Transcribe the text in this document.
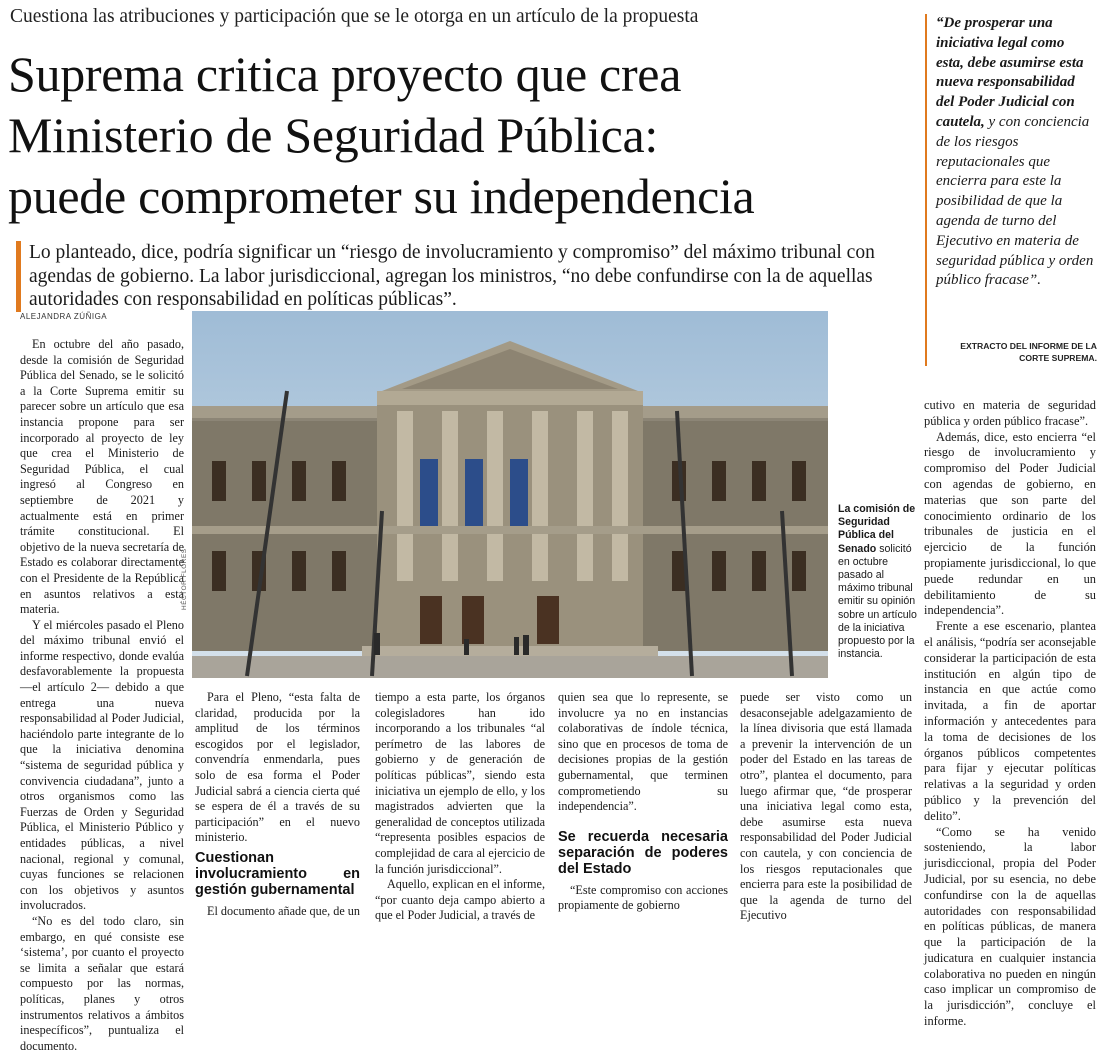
Cuestiona las atribuciones y participación que se le otorga en un artículo de la propuesta
Suprema critica proyecto que crea
Ministerio de Seguridad Pública:
puede comprometer su independencia
Lo planteado, dice, podría significar un “riesgo de involucramiento y compromiso” del máximo tribunal con agendas de gobierno. La labor jurisdiccional, agregan los ministros, “no debe confundirse con la de aquellas autoridades con responsabilidad en políticas públicas”.
ALEJANDRA ZÚÑIGA

“De prosperar una iniciativa legal como esta, debe asumirse esta nueva responsabilidad del Poder Judicial con cautela, y con conciencia de los riesgos reputacionales que encierra para este la posibilidad de que la agenda de turno del Ejecutivo en materia de seguridad pública y orden público fracase”.

EXTRACTO DEL INFORME DE LA CORTE SUPREMA.

En octubre del año pasado, desde la comisión de Seguridad Pública del Senado, se le solicitó a la Corte Suprema emitir su parecer sobre un artículo que esa instancia propone para ser incorporado al proyecto de ley que crea el Ministerio de Seguridad Pública, el cual ingresó al Congreso en septiembre de 2021 y actualmente está en primer trámite constitucional. El objetivo de la nueva secretaría de Estado es colaborar directamente con el Presidente de la República en asuntos relativos a esta materia.

Y el miércoles pasado el Pleno del máximo tribunal envió el informe respectivo, donde evalúa desfavorablemente la propuesta —el artículo 2— debido a que entrega una nueva responsabilidad al Poder Judicial, haciéndolo parte integrante de lo que la iniciativa denomina “sistema de seguridad pública y convivencia ciudadana”, junto a otros organismos como las Fuerzas de Orden y Seguridad Pública, el Ministerio Público y entidades públicas, a nivel nacional, regional y comunal, cuyas funciones se relacionen con los objetivos y asuntos involucrados.

“No es del todo claro, sin embargo, en qué consiste ese ‘sistema’, por cuanto el proyecto se limita a señalar que estará compuesto por las normas, políticas, planes y otros instrumentos relativos a ámbitos inespecíficos”, puntualiza el documento.

HÉCTOR FLORES
La comisión de Seguridad Pública del Senado solicitó en octubre pasado al máximo tribunal emitir su opinión sobre un artículo de la iniciativa propuesto por la instancia.

cutivo en materia de seguridad pública y orden público fracase”.

Además, dice, esto encierra “el riesgo de involucramiento y compromiso del Poder Judicial con agendas de gobierno, en materias que son parte del conocimiento ordinario de los tribunales de justicia en el ejercicio de la función propiamente jurisdiccional, lo que puede redundar en un debilitamiento de su independencia”.

Frente a ese escenario, plantea el análisis, “podría ser aconsejable considerar la participación de esta institución en algún tipo de instancia en que actúe como invitada, a fin de aportar información y antecedentes para la toma de decisiones de los órganos públicos competentes para fijar y ejecutar políticas relativas a la seguridad y orden público y la prevención del delito”.

“Como se ha venido sosteniendo, la labor jurisdiccional, propia del Poder Judicial, por su esencia, no debe confundirse con la de aquellas autoridades con responsabilidad en políticas públicas, de manera que la participación de la judicatura en cualquier instancia colaborativa no pueden en ningún caso implicar un compromiso de la jurisdicción”, concluye el informe.

Para el Pleno, “esta falta de claridad, producida por la amplitud de los términos escogidos por el legislador, convendría enmendarla, pues solo de esa forma el Poder Judicial sabrá a ciencia cierta qué se espera de él a través de su participación” en el nuevo ministerio.

Cuestionan involucramiento en gestión gubernamental

El documento añade que, de un

tiempo a esta parte, los órganos colegisladores han ido incorporando a los tribunales “al perímetro de las labores de gobierno y de generación de políticas públicas”, siendo esta iniciativa un ejemplo de ello, y los magistrados advierten que la generalidad de conceptos utilizada “representa posibles espacios de complejidad de cara al ejercicio de la función jurisdiccional”.

Aquello, explican en el informe, “por cuanto deja campo abierto a que el Poder Judicial, a través de

quien sea que lo represente, se involucre ya no en instancias colaborativas de índole técnica, sino que en procesos de toma de decisiones propias de la gestión gubernamental, que terminen comprometiendo su independencia”.

Se recuerda necesaria separación de poderes del Estado

“Este compromiso con acciones propiamente de gobierno

puede ser visto como un desaconsejable adelgazamiento de la línea divisoria que está llamada a prevenir la intervención de un poder del Estado en las tareas de otro”, plantea el documento, para luego afirmar que, “de prosperar una iniciativa legal como esta, debe asumirse esta nueva responsabilidad del Poder Judicial con cautela, y con conciencia de los riesgos reputacionales que encierra para este la posibilidad de que la agenda de turno del Ejecutivo
